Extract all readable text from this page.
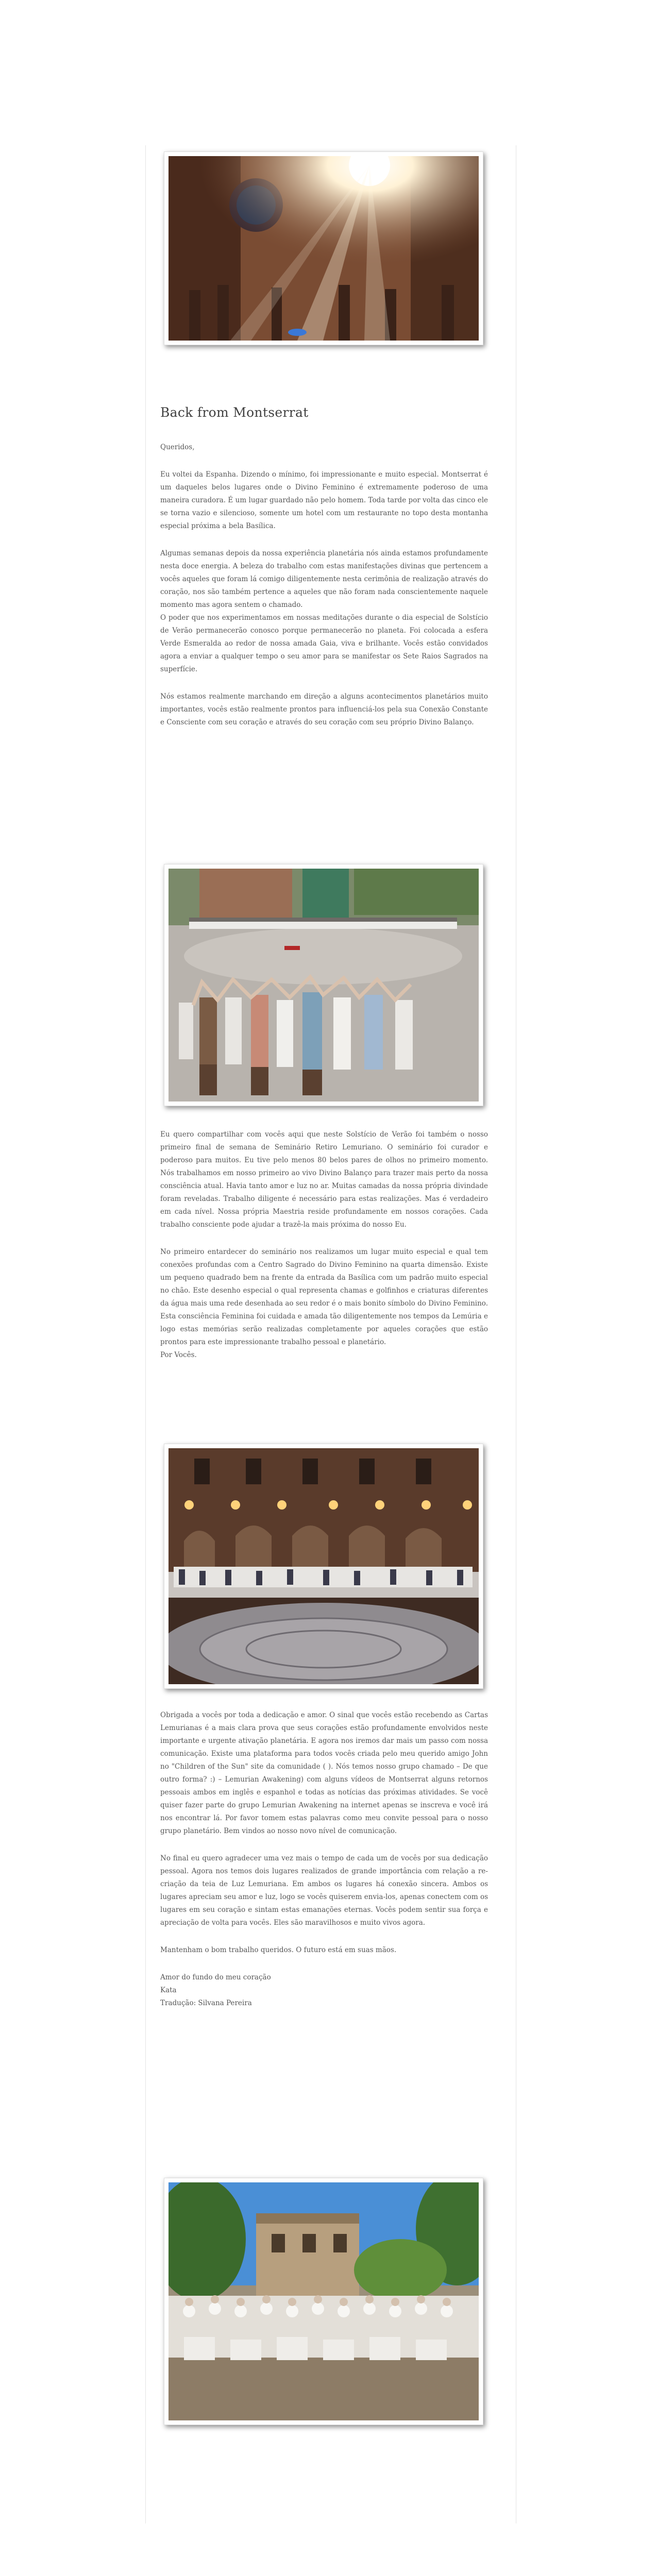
Back from Montserrat

Queridos,

Eu voltei da Espanha. Dizendo o mínimo, foi impressionante e muito especial. Montserrat é um daqueles belos lugares onde o Divino Feminino é extremamente poderoso de uma maneira curadora. É um lugar guardado não pelo homem. Toda tarde por volta das cinco ele se torna vazio e silencioso, somente um hotel com um restaurante no topo desta montanha especial próxima a bela Basílica.

Algumas semanas depois da nossa experiência planetária nós ainda estamos profundamente nesta doce energia. A beleza do trabalho com estas manifestações divinas que pertencem a vocês aqueles que foram lá comigo diligentemente nesta cerimônia de realização através do coração, nos são também pertence a aqueles que não foram nada conscientemente naquele momento mas agora sentem o chamado.

O poder que nos experimentamos em nossas meditações durante o dia especial de Solstício de Verão permanecerão conosco porque permanecerão no planeta. Foi colocada a esfera Verde Esmeralda ao redor de nossa amada Gaia, viva e brilhante. Vocês estão convidados agora a enviar a qualquer tempo o seu amor para se manifestar os Sete Raios Sagrados na superfície.

Nós estamos realmente marchando em direção a alguns acontecimentos planetários muito importantes, vocês estão realmente prontos para influenciá-los pela sua Conexão Constante e Consciente com seu coração e através do seu coração com seu próprio Divino Balanço.

Eu quero compartilhar com vocês aqui que neste Solstício de Verão foi também o nosso primeiro final de semana de Seminário Retiro Lemuriano. O seminário foi curador e poderoso para muitos. Eu tive pelo menos 80 belos pares de olhos no primeiro momento. Nós trabalhamos em nosso primeiro ao vivo Divino Balanço para trazer mais perto da nossa consciência atual. Havia tanto amor e luz no ar. Muitas camadas da nossa própria divindade foram reveladas. Trabalho diligente é necessário para estas realizações. Mas é verdadeiro em cada nível. Nossa própria Maestria reside profundamente em nossos corações. Cada trabalho consciente pode ajudar a trazê-la mais próxima do nosso Eu.

No primeiro entardecer do seminário nos realizamos um lugar muito especial e qual tem conexões profundas com a Centro Sagrado do Divino Feminino na quarta dimensão. Existe um pequeno quadrado bem na frente da entrada da Basílica com um padrão muito especial no chão. Este desenho especial o qual representa chamas e golfinhos e criaturas diferentes da água mais uma rede desenhada ao seu redor é o mais bonito símbolo do Divino Feminino. Esta consciência Feminina foi cuidada e amada tão diligentemente nos tempos da Lemúria e logo estas memórias serão realizadas completamente por aqueles corações que estão prontos para este impressionante trabalho pessoal e planetário.

Por Vocês.

Obrigada a vocês por toda a dedicação e amor. O sinal que vocês estão recebendo as Cartas Lemurianas é a mais clara prova que seus corações estão profundamente envolvidos neste importante e urgente ativação planetária. E agora nos iremos dar mais um passo com nossa comunicação. Existe uma plataforma para todos vocês criada pelo meu querido amigo John no "Children of the Sun" site da comunidade ( ). Nós temos nosso grupo chamado – De que outro forma? :) – Lemurian Awakening) com alguns vídeos de Montserrat alguns retornos pessoais ambos em inglês e espanhol e todas as notícias das próximas atividades. Se você quiser fazer parte do grupo Lemurian Awakening na internet apenas se inscreva e você irá nos encontrar lá. Por favor tomem estas palavras como meu convite pessoal para o nosso grupo planetário. Bem vindos ao nosso novo nível de comunicação.

No final eu quero agradecer uma vez mais o tempo de cada um de vocês por sua dedicação pessoal. Agora nos temos dois lugares realizados de grande importância com relação a re-criação da teia de Luz Lemuriana. Em ambos os lugares há conexão sincera. Ambos os lugares apreciam seu amor e luz, logo se vocês quiserem envia-los, apenas conectem com os lugares em seu coração e sintam estas emanações eternas. Vocês podem sentir sua força e apreciação de volta para vocês. Eles são maravilhosos e muito vivos agora.

Mantenham o bom trabalho queridos. O futuro está em suas mãos.

Amor do fundo do meu coração

Kata

Tradução: Silvana Pereira
